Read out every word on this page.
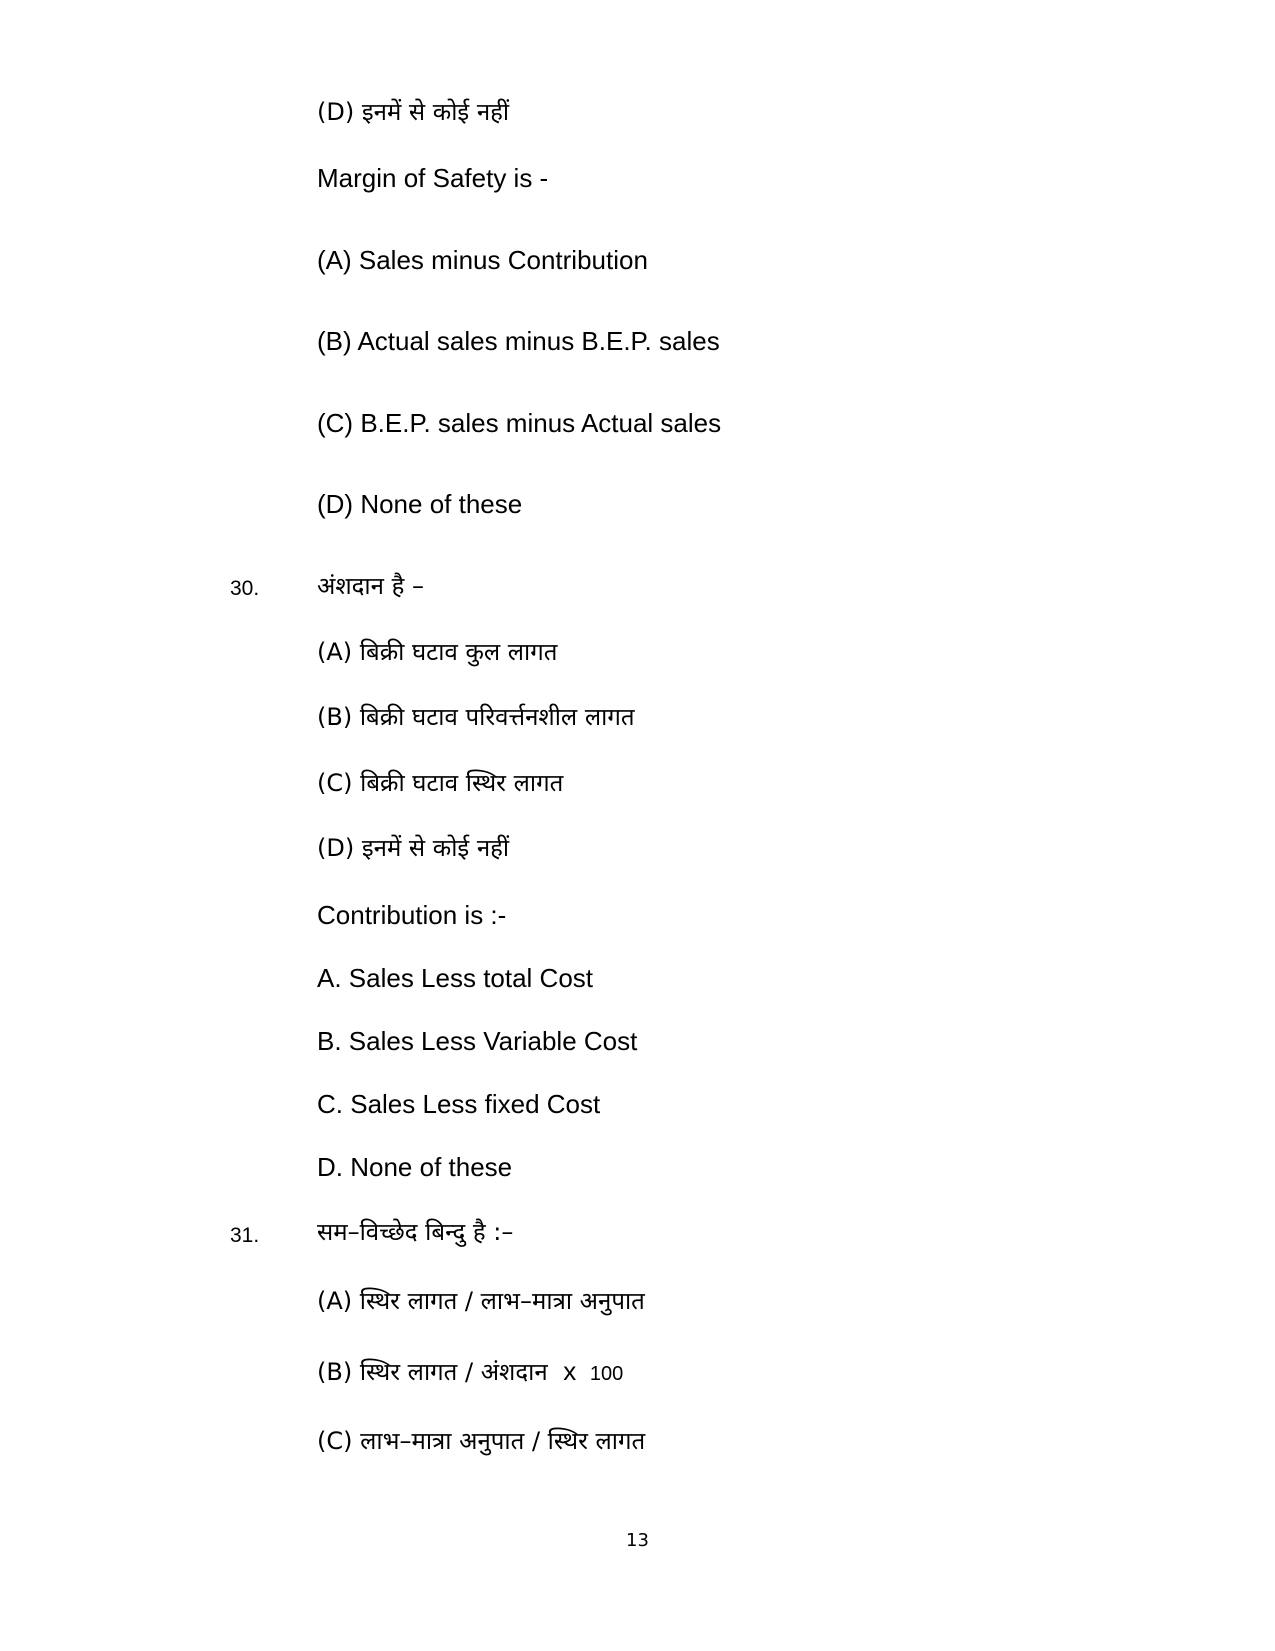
(D) इनमें से कोई नहीं
Margin of Safety is -
(A) Sales minus Contribution
(B) Actual sales minus B.E.P. sales
(C) B.E.P. sales minus Actual sales
(D) None of these
30. अंशदान है –
(A) बिक्री घटाव कुल लागत
(B) बिक्री घटाव परिवर्त्तनशील लागत
(C) बिक्री घटाव स्थिर लागत
(D) इनमें से कोई नहीं
Contribution is :-
A. Sales Less total Cost
B. Sales Less Variable Cost
C. Sales Less fixed Cost
D. None of these
31. सम–विच्छेद बिन्दु है :–
(A) स्थिर लागत / लाभ–मात्रा अनुपात
(B) स्थिर लागत / अंशदान x 100
(C) लाभ–मात्रा अनुपात / स्थिर लागत
13
